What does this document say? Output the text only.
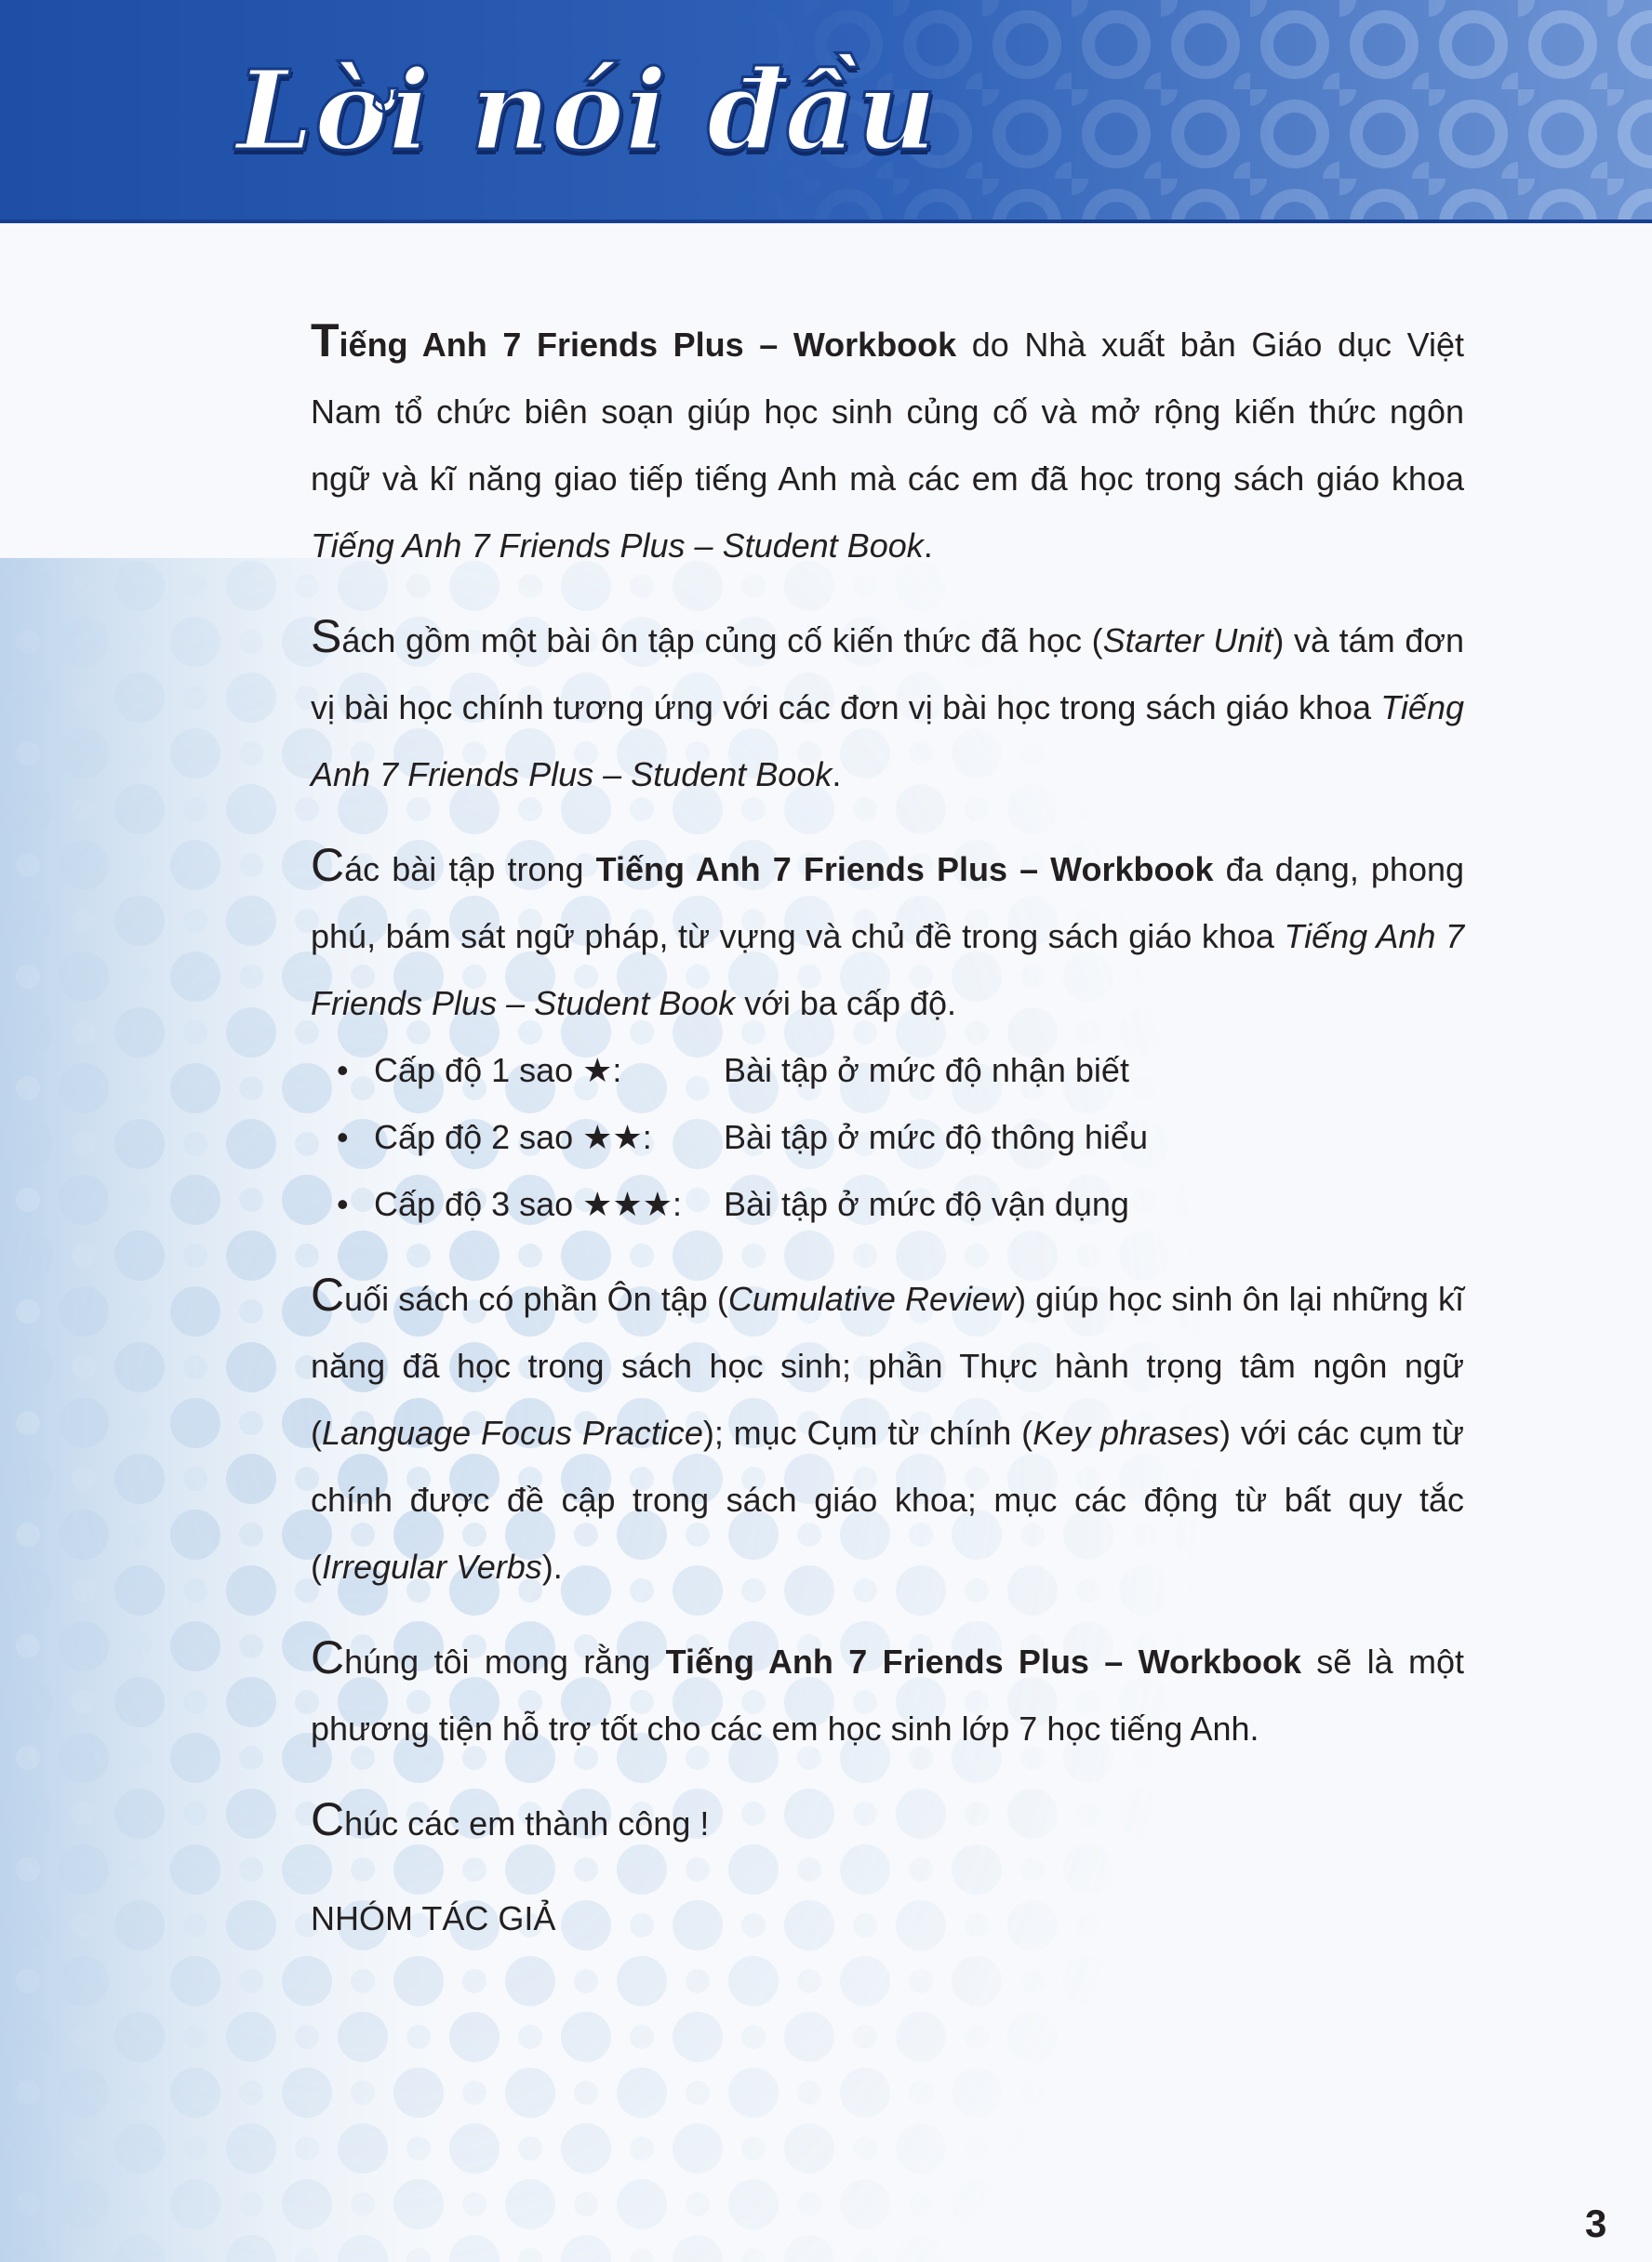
Lời nói đầu

Tiếng Anh 7 Friends Plus – Workbook do Nhà xuất bản Giáo dục Việt Nam tổ chức biên soạn giúp học sinh củng cố và mở rộng kiến thức ngôn ngữ và kĩ năng giao tiếp tiếng Anh mà các em đã học trong sách giáo khoa Tiếng Anh 7 Friends Plus – Student Book.

Sách gồm một bài ôn tập củng cố kiến thức đã học (Starter Unit) và tám đơn vị bài học chính tương ứng với các đơn vị bài học trong sách giáo khoa Tiếng Anh 7 Friends Plus – Student Book.

Các bài tập trong Tiếng Anh 7 Friends Plus – Workbook đa dạng, phong phú, bám sát ngữ pháp, từ vựng và chủ đề trong sách giáo khoa Tiếng Anh 7 Friends Plus – Student Book với ba cấp độ.

• Cấp độ 1 sao ★:	Bài tập ở mức độ nhận biết
• Cấp độ 2 sao ★★: Bài tập ở mức độ thông hiểu
• Cấp độ 3 sao ★★★: Bài tập ở mức độ vận dụng

Cuối sách có phần Ôn tập (Cumulative Review) giúp học sinh ôn lại những kĩ năng đã học trong sách học sinh; phần Thực hành trọng tâm ngôn ngữ (Language Focus Practice); mục Cụm từ chính (Key phrases) với các cụm từ chính được đề cập trong sách giáo khoa; mục các động từ bất quy tắc (Irregular Verbs).

Chúng tôi mong rằng Tiếng Anh 7 Friends Plus – Workbook sẽ là một phương tiện hỗ trợ tốt cho các em học sinh lớp 7 học tiếng Anh.

Chúc các em thành công !

NHÓM TÁC GIẢ

3
